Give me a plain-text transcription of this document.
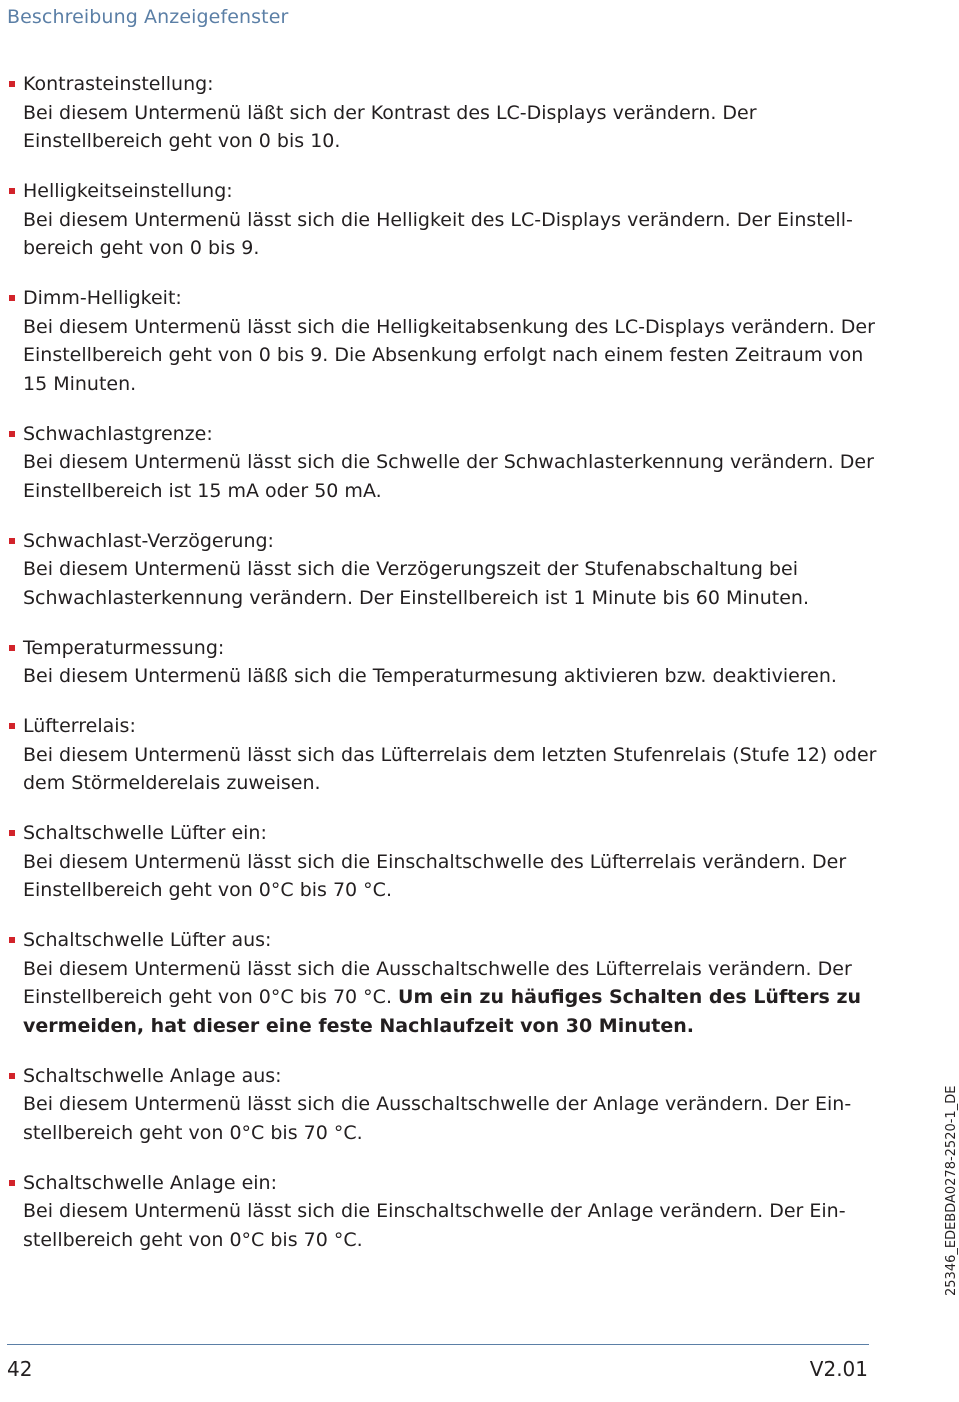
Beschreibung Anzeigefenster
Kontrasteinstellung:
Bei diesem Untermenü läßt sich der Kontrast des LC-Displays verändern. Der Einstellbereich geht von 0 bis 10.
Helligkeitseinstellung:
Bei diesem Untermenü lässt sich die Helligkeit des LC-Displays verändern. Der Einstellbereich geht von 0 bis 9.
Dimm-Helligkeit:
Bei diesem Untermenü lässt sich die Helligkeitabsenkung des LC-Displays verändern. Der Einstellbereich geht von 0 bis 9. Die Absenkung erfolgt nach einem festen Zeitraum von 15 Minuten.
Schwachlastgrenze:
Bei diesem Untermenü lässt sich die Schwelle der Schwachlasterkennung verändern. Der Einstellbereich ist 15 mA oder 50 mA.
Schwachlast-Verzögerung:
Bei diesem Untermenü lässt sich die Verzögerungszeit der Stufenabschaltung bei Schwachlasterkennung verändern. Der Einstellbereich ist 1 Minute bis 60 Minuten.
Temperaturmessung:
Bei diesem Untermenü läßß sich die Temperaturmesung aktivieren bzw. deaktivieren.
Lüfterrelais:
Bei diesem Untermenü lässt sich das Lüfterrelais dem letzten Stufenrelais (Stufe 12) oder dem Störmelderelais zuweisen.
Schaltschwelle Lüfter ein:
Bei diesem Untermenü lässt sich die Einschaltschwelle des Lüfterrelais verändern. Der Einstellbereich geht von 0°C bis 70 °C.
Schaltschwelle Lüfter aus:
Bei diesem Untermenü lässt sich die Ausschaltschwelle des Lüfterrelais verändern. Der Einstellbereich geht von 0°C bis 70 °C. Um ein zu häufiges Schalten des Lüfters zu vermeiden, hat dieser eine feste Nachlaufzeit von 30 Minuten.
Schaltschwelle Anlage aus:
Bei diesem Untermenü lässt sich die Ausschaltschwelle der Anlage verändern. Der Einstellbereich geht von 0°C bis 70 °C.
Schaltschwelle Anlage ein:
Bei diesem Untermenü lässt sich die Einschaltschwelle der Anlage verändern. Der Einstellbereich geht von 0°C bis 70 °C.	25346_EDEBDA0278-2520-1_DE
42	V2.01
